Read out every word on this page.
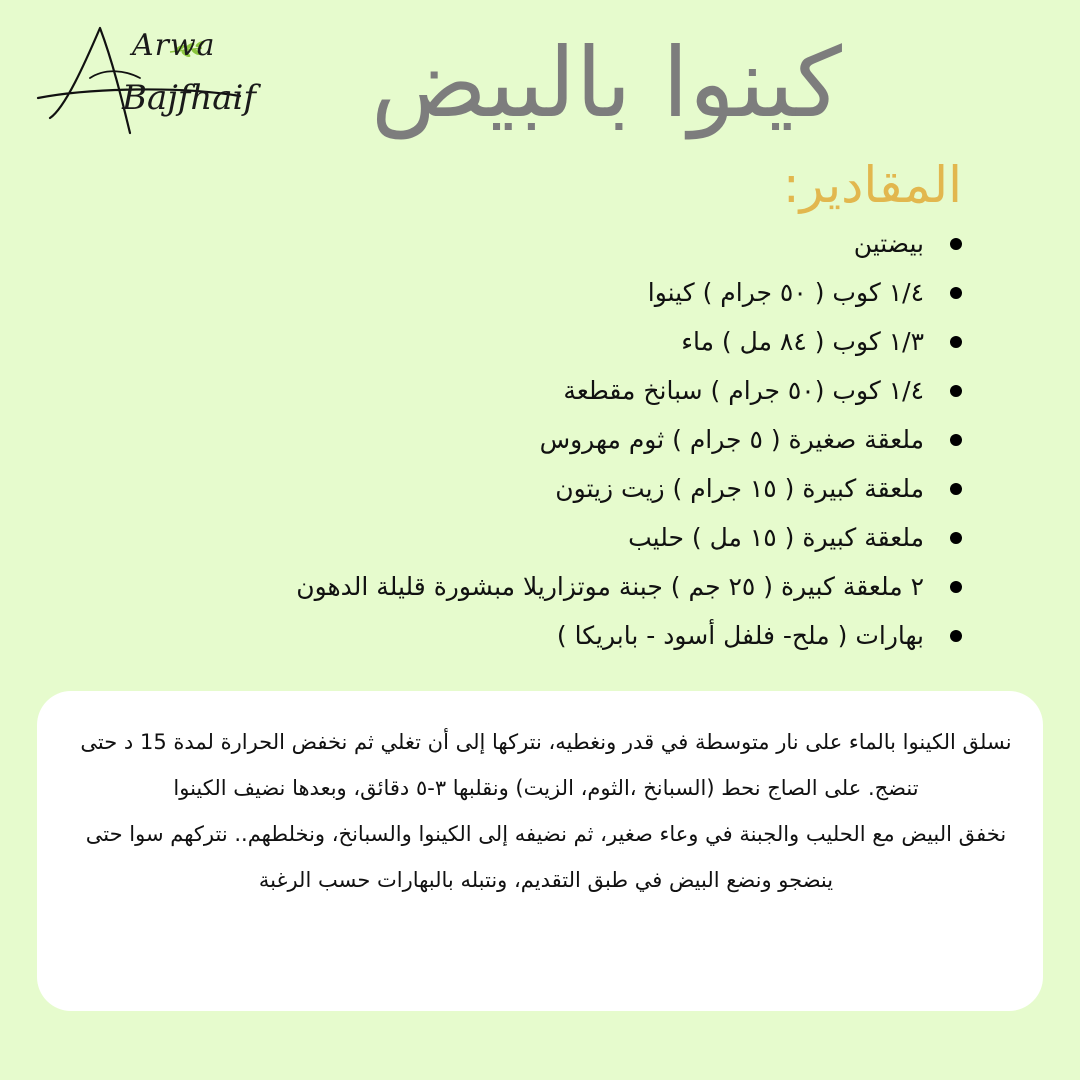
Arwa
Bajfhaif كينوا بالبيض
المقادير:
بيضتين
١/٤ كوب ( ٥٠ جرام ) كينوا
١/٣ كوب ( ٨٤ مل ) ماء
١/٤ كوب (٥٠ جرام ) سبانخ مقطعة
ملعقة صغيرة ( ٥ جرام ) ثوم مهروس
ملعقة كبيرة ( ١٥ جرام ) زيت زيتون
ملعقة كبيرة ( ١٥ مل ) حليب
٢ ملعقة كبيرة ( ٢٥ جم ) جبنة موتزاريلا مبشورة قليلة الدهون
بهارات ( ملح- فلفل أسود - بابريكا )

نسلق الكينوا بالماء على نار متوسطة في قدر ونغطيه، نتركها إلى أن تغلي ثم نخفض الحرارة لمدة 15 د حتى تنضج. على الصاج نحط (السبانخ ،الثوم، الزيت) ونقلبها ٣-٥ دقائق، وبعدها نضيف الكينوا

نخفق البيض مع الحليب والجبنة في وعاء صغير، ثم نضيفه إلى الكينوا والسبانخ، ونخلطهم.. نتركهم سوا حتى ينضجو ونضع البيض في طبق التقديم، ونتبله بالبهارات حسب الرغبة
